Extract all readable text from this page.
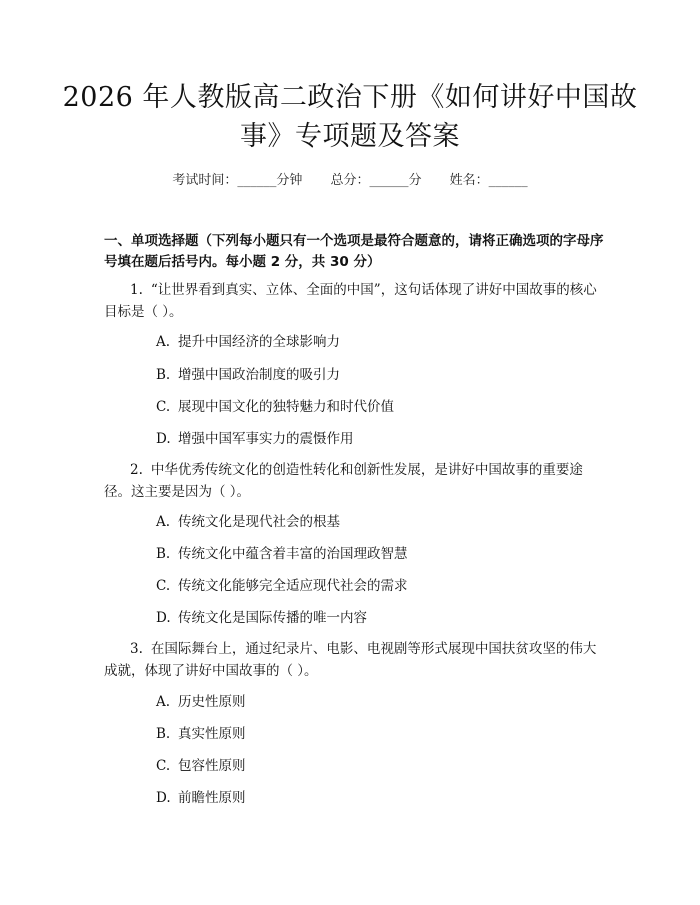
2026 年人教版高二政治下册《如何讲好中国故事》专项题及答案
考试时间：______分钟 总分：______分 姓名：______
一、单项选择题（下列每小题只有一个选项是最符合题意的，请将正确选项的字母序号填在题后括号内。每小题 2 分，共 30 分）
1. “让世界看到真实、立体、全面的中国”，这句话体现了讲好中国故事的核心目标是（ ）。
A. 提升中国经济的全球影响力
B. 增强中国政治制度的吸引力
C. 展现中国文化的独特魅力和时代价值
D. 增强中国军事实力的震慑作用
2. 中华优秀传统文化的创造性转化和创新性发展，是讲好中国故事的重要途径。这主要是因为（ ）。
A. 传统文化是现代社会的根基
B. 传统文化中蕴含着丰富的治国理政智慧
C. 传统文化能够完全适应现代社会的需求
D. 传统文化是国际传播的唯一内容
3. 在国际舞台上，通过纪录片、电影、电视剧等形式展现中国扶贫攻坚的伟大成就，体现了讲好中国故事的（ ）。
A. 历史性原则
B. 真实性原则
C. 包容性原则
D. 前瞻性原则
